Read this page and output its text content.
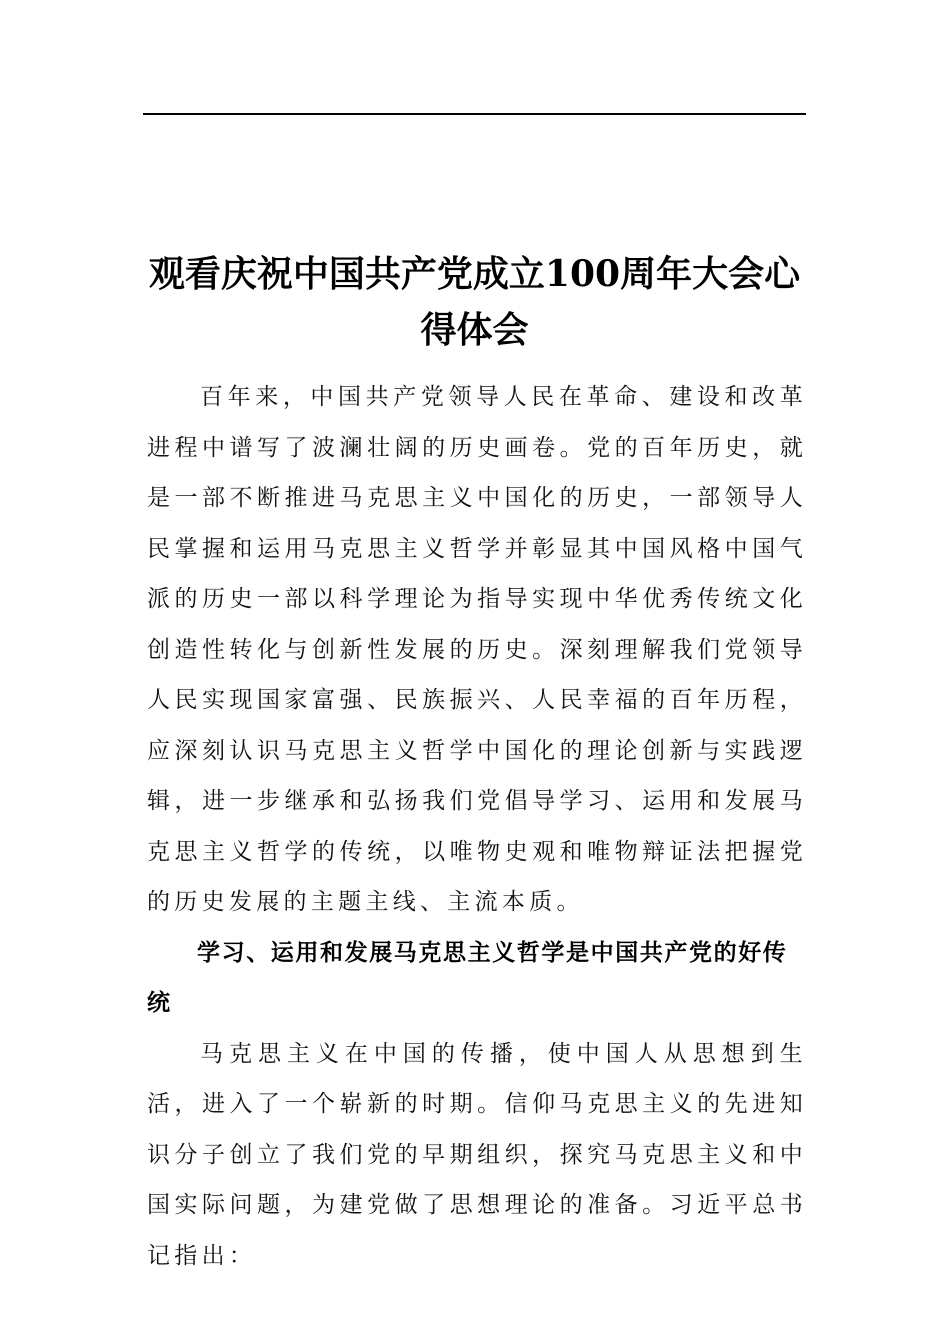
观看庆祝中国共产党成立100周年大会心得体会

百年来，中国共产党领导人民在革命、建设和改革进程中谱写了波澜壮阔的历史画卷。党的百年历史，就是一部不断推进马克思主义中国化的历史，一部领导人民掌握和运用马克思主义哲学并彰显其中国风格中国气派的历史一部以科学理论为指导实现中华优秀传统文化创造性转化与创新性发展的历史。深刻理解我们党领导人民实现国家富强、民族振兴、人民幸福的百年历程，应深刻认识马克思主义哲学中国化的理论创新与实践逻辑，进一步继承和弘扬我们党倡导学习、运用和发展马克思主义哲学的传统，以唯物史观和唯物辩证法把握党的历史发展的主题主线、主流本质。

学习、运用和发展马克思主义哲学是中国共产党的好传统

马克思主义在中国的传播，使中国人从思想到生活，进入了一个崭新的时期。信仰马克思主义的先进知识分子创立了我们党的早期组织，探究马克思主义和中国实际问题，为建党做了思想理论的准备。习近平总书记指出：
